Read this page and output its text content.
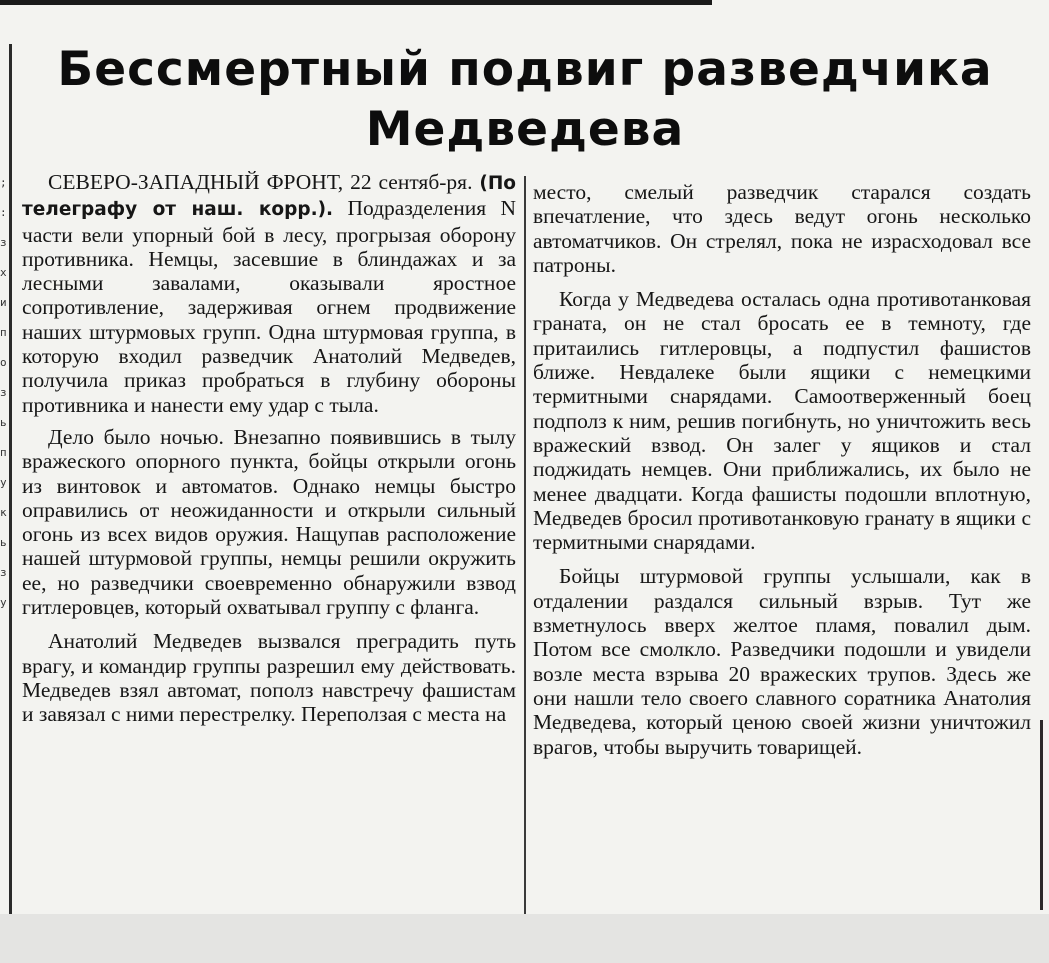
;
:
з
х
и
п
о
з
ь
п
у
к
ь
з
у
Бессмертный подвиг разведчика
Медведева

СЕВЕРО-ЗАПАДНЫЙ ФРОНТ, 22 сентяб-ря. (По телеграфу от наш. корр.). Подразделения N части вели упорный бой в лесу, прогрызая оборону противника. Немцы, засевшие в блиндажах и за лесными завалами, оказывали яростное сопротивление, задерживая огнем продвижение наших штурмовых групп. Одна штурмовая группа, в которую входил разведчик Анатолий Медведев, получила приказ пробраться в глубину обороны противника и нанести ему удар с тыла.

Дело было ночью. Внезапно появившись в тылу вражеского опорного пункта, бойцы открыли огонь из винтовок и автоматов. Однако немцы быстро оправились от неожиданности и открыли сильный огонь из всех видов оружия. Нащупав расположение нашей штурмовой группы, немцы решили окружить ее, но разведчики своевременно обнаружили взвод гитлеровцев, который охватывал группу с фланга.

Анатолий Медведев вызвался преградить путь врагу, и командир группы разрешил ему действовать. Медведев взял автомат, пополз навстречу фашистам и завязал с ними перестрелку. Переползая с места на

место, смелый разведчик старался создать впечатление, что здесь ведут огонь несколько автоматчиков. Он стрелял, пока не израсходовал все патроны.

Когда у Медведева осталась одна противотанковая граната, он не стал бросать ее в темноту, где притаились гитлеровцы, а подпустил фашистов ближе. Невдалеке были ящики с немецкими термитными снарядами. Самоотверженный боец подполз к ним, решив погибнуть, но уничтожить весь вражеский взвод. Он залег у ящиков и стал поджидать немцев. Они приближались, их было не менее двадцати. Когда фашисты подошли вплотную, Медведев бросил противотанковую гранату в ящики с термитными снарядами.

Бойцы штурмовой группы услышали, как в отдалении раздался сильный взрыв. Тут же взметнулось вверх желтое пламя, повалил дым. Потом все смолкло. Разведчики подошли и увидели возле места взрыва 20 вражеских трупов. Здесь же они нашли тело своего славного соратника Анатолия Медведева, который ценою своей жизни уничтожил врагов, чтобы выручить товарищей.
